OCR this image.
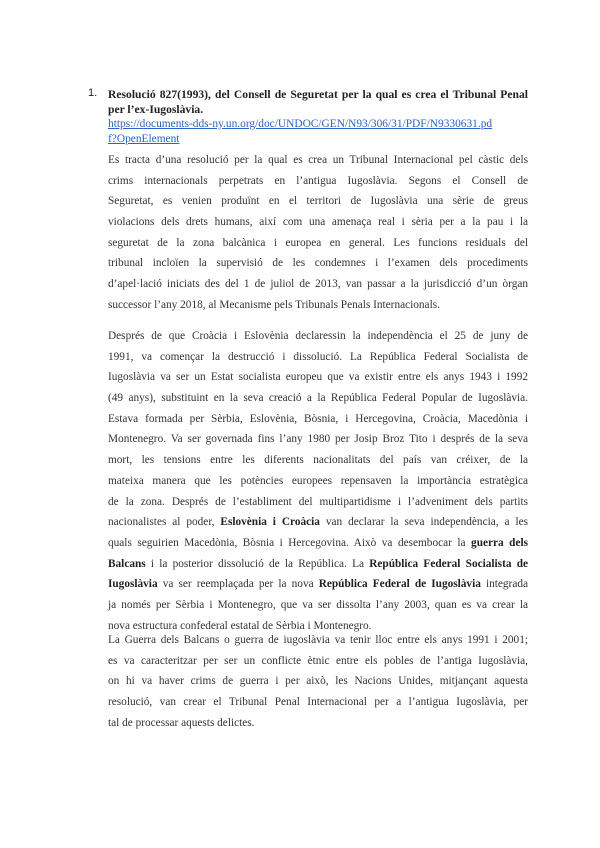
1. Resolució 827(1993), del Consell de Seguretat per la qual es crea el Tribunal Penal
per l’ex-Iugoslàvia.
https://documents-dds-ny.un.org/doc/UNDOC/GEN/N93/306/31/PDF/N9330631.pd
f?OpenElement
Es tracta d’una resolució per la qual es crea un Tribunal Internacional pel càstic dels
crims internacionals perpetrats en l’antigua Iugoslàvia. Segons el Consell de
Seguretat, es venien produïnt en el territori de Iugoslàvia una sèrie de greus
violacions dels drets humans, així com una amenaça real i sèria per a la pau i la
seguretat de la zona balcànica i europea en general. Les funcions residuals del
tribunal incloïen la supervisió de les condemnes i l’examen dels procediments
d’apel·lació iniciats des del 1 de juliol de 2013, van passar a la jurisdicció d’un òrgan
successor l’any 2018, al Mecanisme pels Tribunals Penals Internacionals.
Després de que Croàcia i Eslovènia declaressin la independència el 25 de juny de
1991, va començar la destrucció i dissolució. La República Federal Socialista de
Iugoslàvia va ser un Estat socialista europeu que va existir entre els anys 1943 i 1992
(49 anys), substituint en la seva creació a la República Federal Popular de Iugoslàvia.
Estava formada per Sèrbia, Eslovènia, Bòsnia, i Hercegovina, Croàcia, Macedònia i
Montenegro. Va ser governada fins l’any 1980 per Josip Broz Tito i després de la seva
mort, les tensions entre les diferents nacionalitats del país van créixer, de la
mateixa manera que les potències europees repensaven la importància estratègica
de la zona. Després de l’establiment del multipartidisme i l’adveniment dels partits
nacionalistes al poder, Eslovènia i Croàcia van declarar la seva independència, a les
quals seguirien Macedònia, Bòsnia i Hercegovina. Això va desembocar la guerra dels
Balcans i la posterior dissolució de la República. La República Federal Socialista de
Iugoslàvia va ser reemplaçada per la nova República Federal de Iugoslàvia integrada
ja només per Sèrbia i Montenegro, que va ser dissolta l’any 2003, quan es va crear la
nova estructura confederal estatal de Sèrbia i Montenegro.
La Guerra dels Balcans o guerra de iugoslàvia va tenir lloc entre els anys 1991 i 2001;
es va caracteritzar per ser un conflicte ètnic entre els pobles de l’antiga Iugoslàvia,
on hi va haver crims de guerra i per això, les Nacions Unides, mitjançant aquesta
resolució, van crear el Tribunal Penal Internacional per a l’antigua Iugoslàvia, per
tal de processar aquests delictes.
